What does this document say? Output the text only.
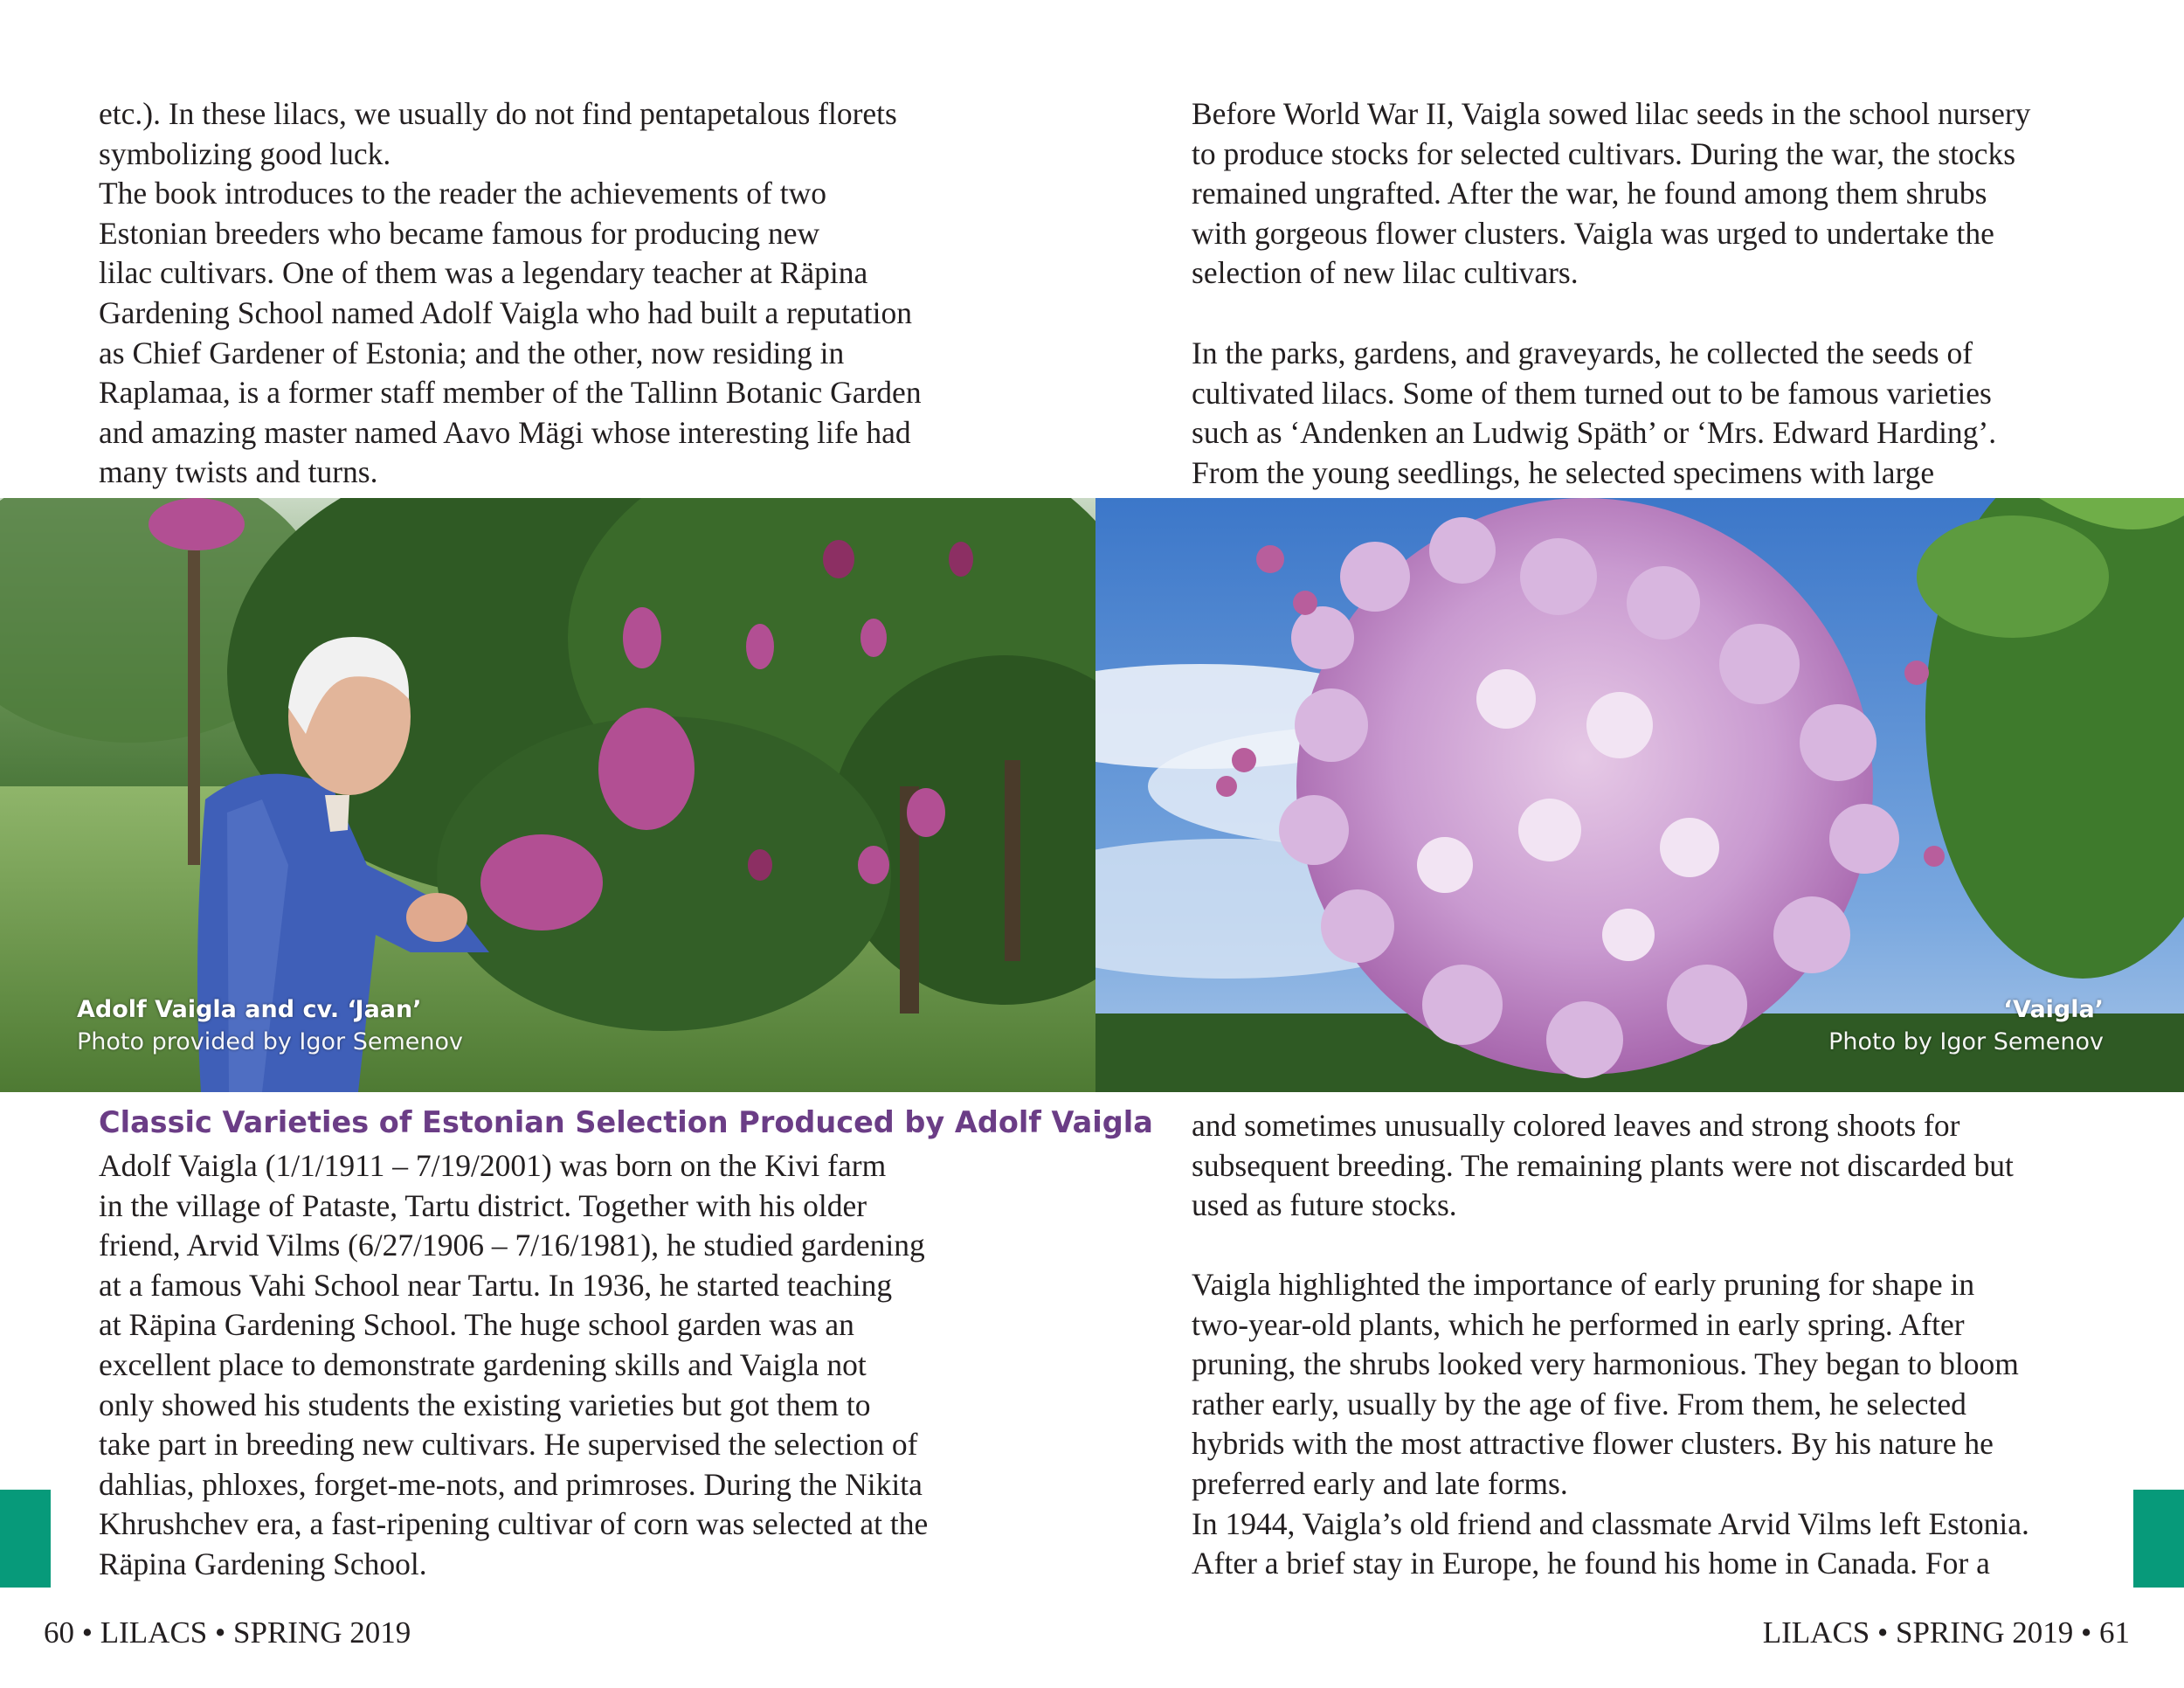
etc.). In these lilacs, we usually do not find pentapetalous florets
symbolizing good luck.
The book introduces to the reader the achievements of two
Estonian breeders who became famous for producing new
lilac cultivars. One of them was a legendary teacher at Räpina
Gardening School named Adolf Vaigla who had built a reputation
as Chief Gardener of Estonia; and the other, now residing in
Raplamaa, is a former staff member of the Tallinn Botanic Garden
and amazing master named Aavo Mägi whose interesting life had
many twists and turns.

Before World War II, Vaigla sowed lilac seeds in the school nursery
to produce stocks for selected cultivars. During the war, the stocks
remained ungrafted. After the war, he found among them shrubs
with gorgeous flower clusters. Vaigla was urged to undertake the
selection of new lilac cultivars.

In the parks, gardens, and graveyards, he collected the seeds of
cultivated lilacs. Some of them turned out to be famous varieties
such as ‘Andenken an Ludwig Späth’ or ‘Mrs. Edward Harding’.
From the young seedlings, he selected specimens with large

Adolf Vaigla and cv. ‘Jaan’
Photo provided by Igor Semenov
‘Vaigla’
Photo by Igor Semenov
Classic Varieties of Estonian Selection Produced by Adolf Vaigla

Adolf Vaigla (1/1/1911 – 7/19/2001) was born on the Kivi farm
in the village of Pataste, Tartu district. Together with his older
friend, Arvid Vilms (6/27/1906 – 7/16/1981), he studied gardening
at a famous Vahi School near Tartu. In 1936, he started teaching
at Räpina Gardening School. The huge school garden was an
excellent place to demonstrate gardening skills and Vaigla not
only showed his students the existing varieties but got them to
take part in breeding new cultivars. He supervised the selection of
dahlias, phloxes, forget-me-nots, and primroses. During the Nikita
Khrushchev era, a fast-ripening cultivar of corn was selected at the
Räpina Gardening School.

and sometimes unusually colored leaves and strong shoots for
subsequent breeding. The remaining plants were not discarded but
used as future stocks.

Vaigla highlighted the importance of early pruning for shape in
two-year-old plants, which he performed in early spring. After
pruning, the shrubs looked very harmonious. They began to bloom
rather early, usually by the age of five. From them, he selected
hybrids with the most attractive flower clusters. By his nature he
preferred early and late forms.
In 1944, Vaigla’s old friend and classmate Arvid Vilms left Estonia.
After a brief stay in Europe, he found his home in Canada. For a

60 • LILACS • SPRING 2019	LILACS • SPRING 2019 • 61
